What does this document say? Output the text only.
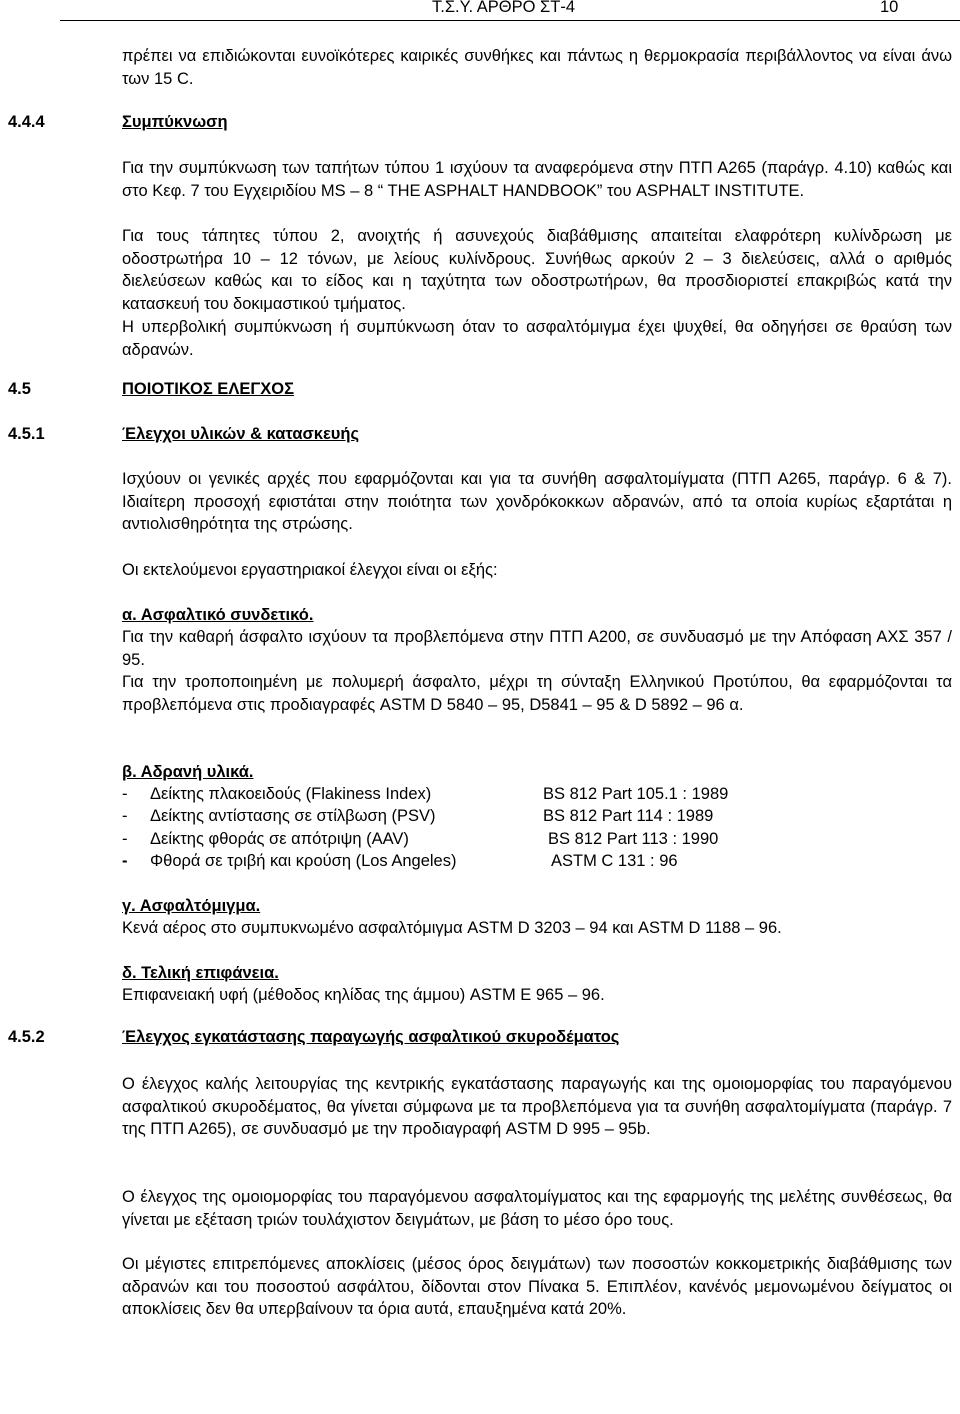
Τ.Σ.Υ. ΑΡΘΡΟ ΣΤ-4	10

πρέπει να επιδιώκονται ευνοϊκότερες καιρικές συνθήκες και πάντως η θερμοκρασία περιβάλλοντος να είναι άνω των 15 C.

4.4.4	Συμπύκνωση

Για την συμπύκνωση των ταπήτων τύπου 1 ισχύουν τα αναφερόμενα στην ΠΤΠ Α265 (παράγρ. 4.10) καθώς και στο Κεφ. 7 του Εγχειριδίου MS – 8 “ THE ASPHALT HANDBOOK” του ASPHALT INSTITUTE.

Για τους τάπητες τύπου 2, ανοιχτής ή ασυνεχούς διαβάθμισης απαιτείται ελαφρότερη κυλίνδρωση με οδοστρωτήρα 10 – 12 τόνων, με λείους κυλίνδρους. Συνήθως αρκούν 2 – 3 διελεύσεις, αλλά ο αριθμός διελεύσεων καθώς και το είδος και η ταχύτητα των οδοστρωτήρων, θα προσδιοριστεί επακριβώς κατά την κατασκευή του δοκιμαστικού τμήματος.

Η υπερβολική συμπύκνωση ή συμπύκνωση όταν το ασφαλτόμιγμα έχει ψυχθεί, θα οδηγήσει σε θραύση των αδρανών.

4.5	ΠΟΙΟΤΙΚΟΣ ΕΛΕΓΧΟΣ
4.5.1	Έλεγχοι υλικών & κατασκευής

Ισχύουν οι γενικές αρχές που εφαρμόζονται και για τα συνήθη ασφαλτομίγματα (ΠΤΠ Α265, παράγρ. 6 & 7). Ιδιαίτερη προσοχή εφιστάται στην ποιότητα των χονδρόκοκκων αδρανών, από τα οποία κυρίως εξαρτάται η αντιολισθηρότητα της στρώσης.

Οι εκτελούμενοι εργαστηριακοί έλεγχοι είναι οι εξής:

α. Ασφαλτικό συνδετικό.

Για την καθαρή άσφαλτο ισχύουν τα προβλεπόμενα στην ΠΤΠ Α200, σε συνδυασμό με την Απόφαση ΑΧΣ 357 / 95.

Για την τροποποιημένη με πολυμερή άσφαλτο, μέχρι τη σύνταξη Ελληνικού Προτύπου, θα εφαρμόζονται τα προβλεπόμενα στις προδιαγραφές ASTM D 5840 – 95, D5841 – 95 & D 5892 – 96 α.

β. Αδρανή υλικά.
- Δείκτης πλακοειδούς (Flakiness Index)	BS 812 Part 105.1 : 1989
- Δείκτης αντίστασης σε στίλβωση (PSV)	BS 812 Part 114 : 1989
- Δείκτης φθοράς σε απότριψη (AAV)	BS 812 Part 113 : 1990
- Φθορά σε τριβή και κρούση (Los Angeles)	ASTM C 131 : 96
γ. Ασφαλτόμιγμα.
Κενά αέρος στο συμπυκνωμένο ασφαλτόμιγμα ASTM D 3203 – 94 και ASTM D 1188 – 96.
δ. Τελική επιφάνεια.
Επιφανειακή υφή (μέθοδος κηλίδας της άμμου) ASTM E 965 – 96.
4.5.2	Έλεγχος εγκατάστασης παραγωγής ασφαλτικού σκυροδέματος

Ο έλεγχος καλής λειτουργίας της κεντρικής εγκατάστασης παραγωγής και της ομοιομορφίας του παραγόμενου ασφαλτικού σκυροδέματος, θα γίνεται σύμφωνα με τα προβλεπόμενα για τα συνήθη ασφαλτομίγματα (παράγρ. 7 της ΠΤΠ Α265), σε συνδυασμό με την προδιαγραφή ASTM D 995 – 95b.

Ο έλεγχος της ομοιομορφίας του παραγόμενου ασφαλτομίγματος και της εφαρμογής της μελέτης συνθέσεως, θα γίνεται με εξέταση τριών τουλάχιστον δειγμάτων, με βάση το μέσο όρο τους.

Οι μέγιστες επιτρεπόμενες αποκλίσεις (μέσος όρος δειγμάτων) των ποσοστών κοκκομετρικής διαβάθμισης των αδρανών και του ποσοστού ασφάλτου, δίδονται στον Πίνακα 5. Επιπλέον, κανένός μεμονωμένου δείγματος οι αποκλίσεις δεν θα υπερβαίνουν τα όρια αυτά, επαυξημένα κατά 20%.
